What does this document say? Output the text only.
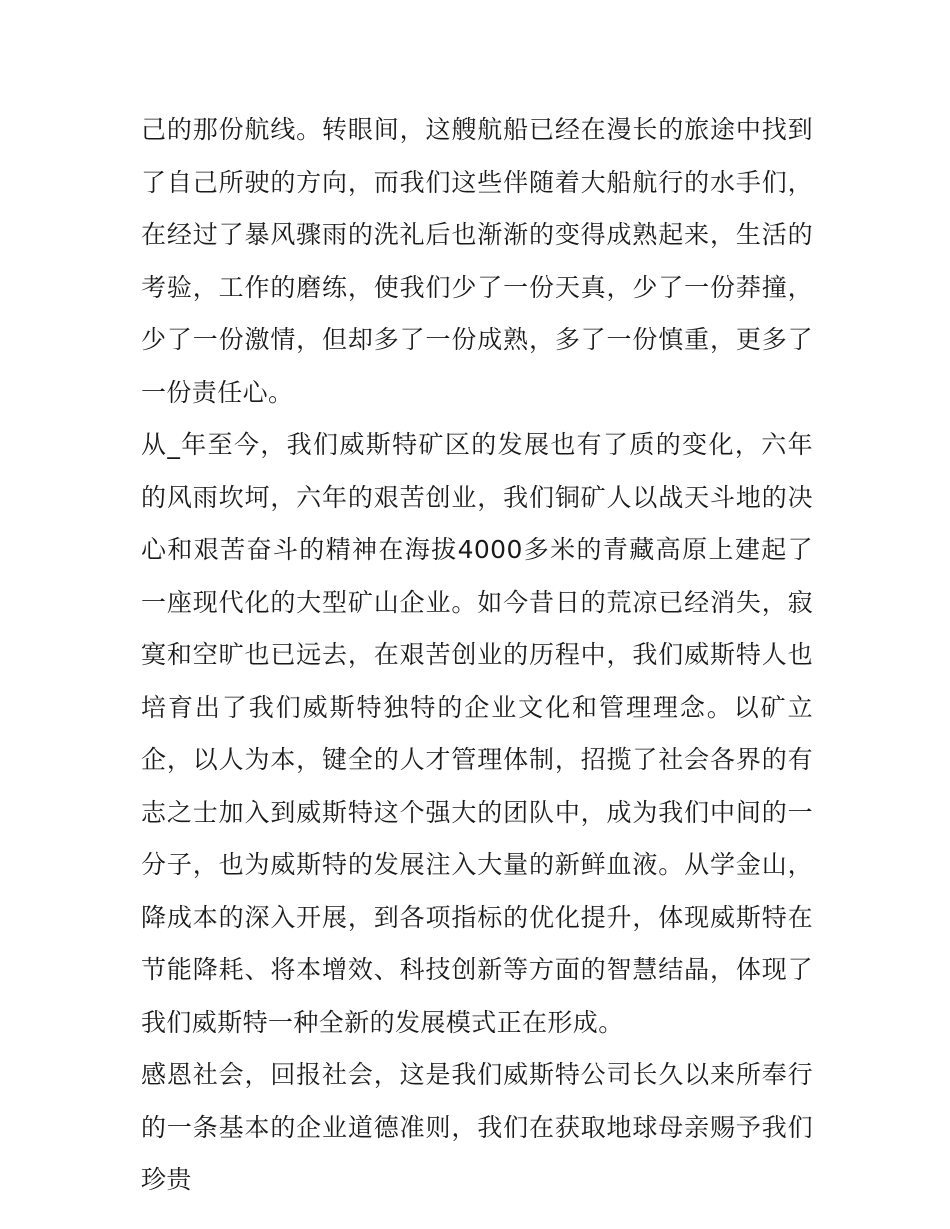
己的那份航线。转眼间，这艘航船已经在漫长的旅途中找到了自己所驶的方向，而我们这些伴随着大船航行的水手们，在经过了暴风骤雨的洗礼后也渐渐的变得成熟起来，生活的考验，工作的磨练，使我们少了一份天真，少了一份莽撞，少了一份激情，但却多了一份成熟，多了一份慎重，更多了一份责任心。

从_年至今，我们威斯特矿区的发展也有了质的变化，六年的风雨坎坷，六年的艰苦创业，我们铜矿人以战天斗地的决心和艰苦奋斗的精神在海拔4000多米的青藏高原上建起了一座现代化的大型矿山企业。如今昔日的荒凉已经消失，寂寞和空旷也已远去，在艰苦创业的历程中，我们威斯特人也培育出了我们威斯特独特的企业文化和管理理念。以矿立企，以人为本，键全的人才管理体制，招揽了社会各界的有志之士加入到威斯特这个强大的团队中，成为我们中间的一分子，也为威斯特的发展注入大量的新鲜血液。从学金山，降成本的深入开展，到各项指标的优化提升，体现威斯特在节能降耗、将本增效、科技创新等方面的智慧结晶，体现了我们威斯特一种全新的发展模式正在形成。

感恩社会，回报社会，这是我们威斯特公司长久以来所奉行的一条基本的企业道德准则，我们在获取地球母亲赐予我们珍贵
